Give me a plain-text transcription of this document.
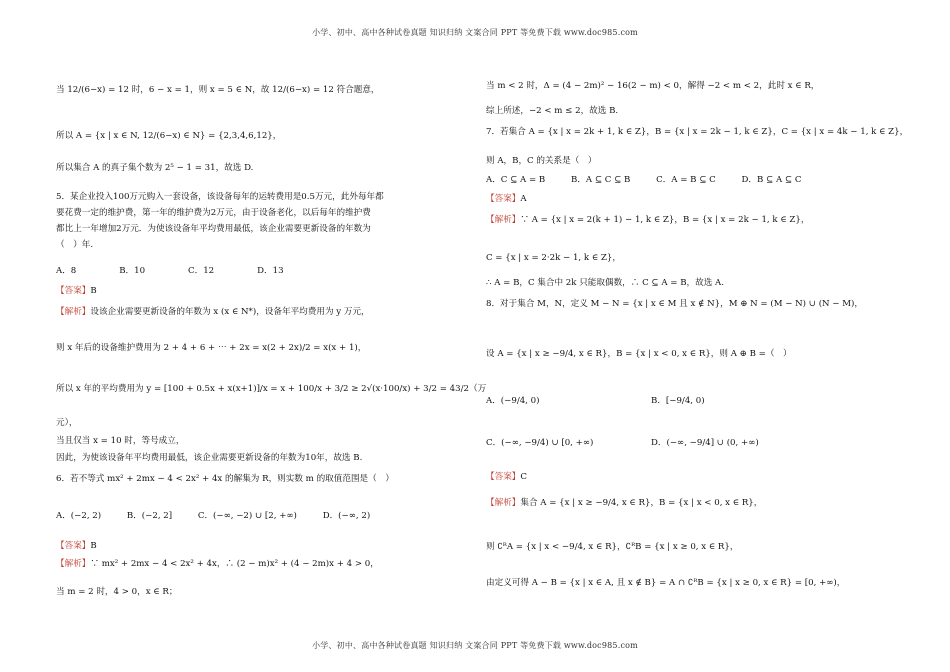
小学、初中、高中各种试卷真题 知识归纳 文案合同 PPT 等免费下载 www.doc985.com
当 12/(6−x) = 12 时，6 − x = 1，则 x = 5 ∈ N，故 12/(6−x) = 12 符合题意，
所以 A = {x | x ∈ N, 12/(6−x) ∈ N} = {2,3,4,6,12}，
所以集合 A 的真子集个数为 2⁵ − 1 = 31，故选 D.
5．某企业投入100万元购入一套设备，该设备每年的运转费用是0.5万元，此外每年都
要花费一定的维护费，第一年的维护费为2万元，由于设备老化，以后每年的维护费
都比上一年增加2万元．为使该设备年平均费用最低，该企业需要更新设备的年数为
（　）年.
A．8　　　　　B．10　　　　　C．12　　　　　D．13
【答案】B
【解析】设该企业需要更新设备的年数为 x (x ∈ N*)，设备年平均费用为 y 万元，
则 x 年后的设备维护费用为 2 + 4 + 6 + ⋯ + 2x = x(2 + 2x)/2 = x(x + 1)，
所以 x 年的平均费用为 y = [100 + 0.5x + x(x+1)]/x = x + 100/x + 3/2 ≥ 2√(x·100/x) + 3/2 = 43/2（万
元），
当且仅当 x = 10 时，等号成立，
因此，为使该设备年平均费用最低，该企业需要更新设备的年数为10年，故选 B.
6．若不等式 mx² + 2mx − 4 < 2x² + 4x 的解集为 R，则实数 m 的取值范围是（　）
A．(−2, 2)　　　B．(−2, 2]　　　C．(−∞, −2) ∪ [2, +∞)　　　D．(−∞, 2)
【答案】B
【解析】∵ mx² + 2mx − 4 < 2x² + 4x，∴ (2 − m)x² + (4 − 2m)x + 4 > 0，
当 m = 2 时，4 > 0，x ∈ R；
当 m < 2 时，Δ = (4 − 2m)² − 16(2 − m) < 0，解得 −2 < m < 2，此时 x ∈ R，
综上所述，−2 < m ≤ 2，故选 B.
7．若集合 A = {x | x = 2k + 1, k ∈ Z}，B = {x | x = 2k − 1, k ∈ Z}，C = {x | x = 4k − 1, k ∈ Z}，
则 A，B，C 的关系是（　）
A．C ⊆ A = B　　　B．A ⊆ C ⊆ B　　　C．A = B ⊆ C　　　D．B ⊆ A ⊆ C
【答案】A
【解析】∵ A = {x | x = 2(k + 1) − 1, k ∈ Z}，B = {x | x = 2k − 1, k ∈ Z}，
C = {x | x = 2·2k − 1, k ∈ Z}，
∴ A = B，C 集合中 2k 只能取偶数，∴ C ⊆ A = B，故选 A.
8．对于集合 M，N，定义 M − N = {x | x ∈ M 且 x ∉ N}，M ⊕ N = (M − N) ∪ (N − M)，
设 A = {x | x ≥ −9/4, x ∈ R}，B = {x | x < 0, x ∈ R}，则 A ⊕ B =（　）
A．(−9/4, 0)	B．[−9/4, 0)
C．(−∞, −9/4) ∪ [0, +∞)	D．(−∞, −9/4] ∪ (0, +∞)
【答案】C
【解析】集合 A = {x | x ≥ −9/4, x ∈ R}，B = {x | x < 0, x ∈ R}，
则 ∁ᴿA = {x | x < −9/4, x ∈ R}，∁ᴿB = {x | x ≥ 0, x ∈ R}，
由定义可得 A − B = {x | x ∈ A, 且 x ∉ B} = A ∩ ∁ᴿB = {x | x ≥ 0, x ∈ R} = [0, +∞)，
小学、初中、高中各种试卷真题 知识归纳 文案合同 PPT 等免费下载 www.doc985.com
